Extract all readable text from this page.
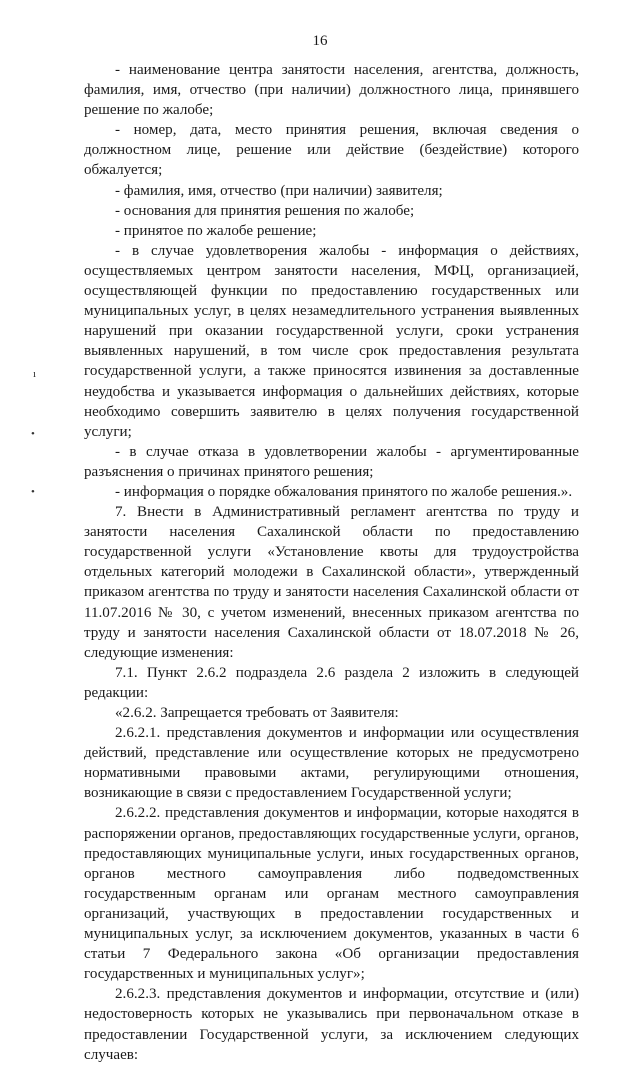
16
ı
•
•

- наименование центра занятости населения, агентства, должность, фамилия, имя, отчество (при наличии) должностного лица, принявшего решение по жалобе;

- номер, дата, место принятия решения, включая сведения о должностном лице, решение или действие (бездействие) которого обжалуется;

- фамилия, имя, отчество (при наличии) заявителя;

- основания для принятия решения по жалобе;

- принятое по жалобе решение;

- в случае удовлетворения жалобы - информация о действиях, осуществляемых центром занятости населения, МФЦ, организацией, осуществляющей функции по предоставлению государственных или муниципальных услуг, в целях незамедлительного устранения выявленных нарушений при оказании государственной услуги, сроки устранения выявленных нарушений, в том числе срок предоставления результата государственной услуги, а также приносятся извинения за доставленные неудобства и указывается информация о дальнейших действиях, которые необходимо совершить заявителю в целях получения государственной услуги;

- в случае отказа в удовлетворении жалобы - аргументированные разъяснения о причинах принятого решения;

- информация о порядке обжалования принятого по жалобе решения.».

7. Внести в Административный регламент агентства по труду и занятости населения Сахалинской области по предоставлению государственной услуги «Установление квоты для трудоустройства отдельных категорий молодежи в Сахалинской области», утвержденный приказом агентства по труду и занятости населения Сахалинской области от 11.07.2016 № 30, с учетом изменений, внесенных приказом агентства по труду и занятости населения Сахалинской области от 18.07.2018 № 26, следующие изменения:

7.1. Пункт 2.6.2 подраздела 2.6 раздела 2 изложить в следующей редакции:

«2.6.2. Запрещается требовать от Заявителя:

2.6.2.1. представления документов и информации или осуществления действий, представление или осуществление которых не предусмотрено нормативными правовыми актами, регулирующими отношения, возникающие в связи с предоставлением Государственной услуги;

2.6.2.2. представления документов и информации, которые находятся в распоряжении органов, предоставляющих государственные услуги, органов, предоставляющих муниципальные услуги, иных государственных органов, органов местного самоуправления либо подведомственных государственным органам или органам местного самоуправления организаций, участвующих в предоставлении государственных и муниципальных услуг, за исключением документов, указанных в части 6 статьи 7 Федерального закона «Об организации предоставления государственных и муниципальных услуг»;

2.6.2.3. представления документов и информации, отсутствие и (или) недостоверность которых не указывались при первоначальном отказе в предоставлении Государственной услуги, за исключением следующих случаев:
